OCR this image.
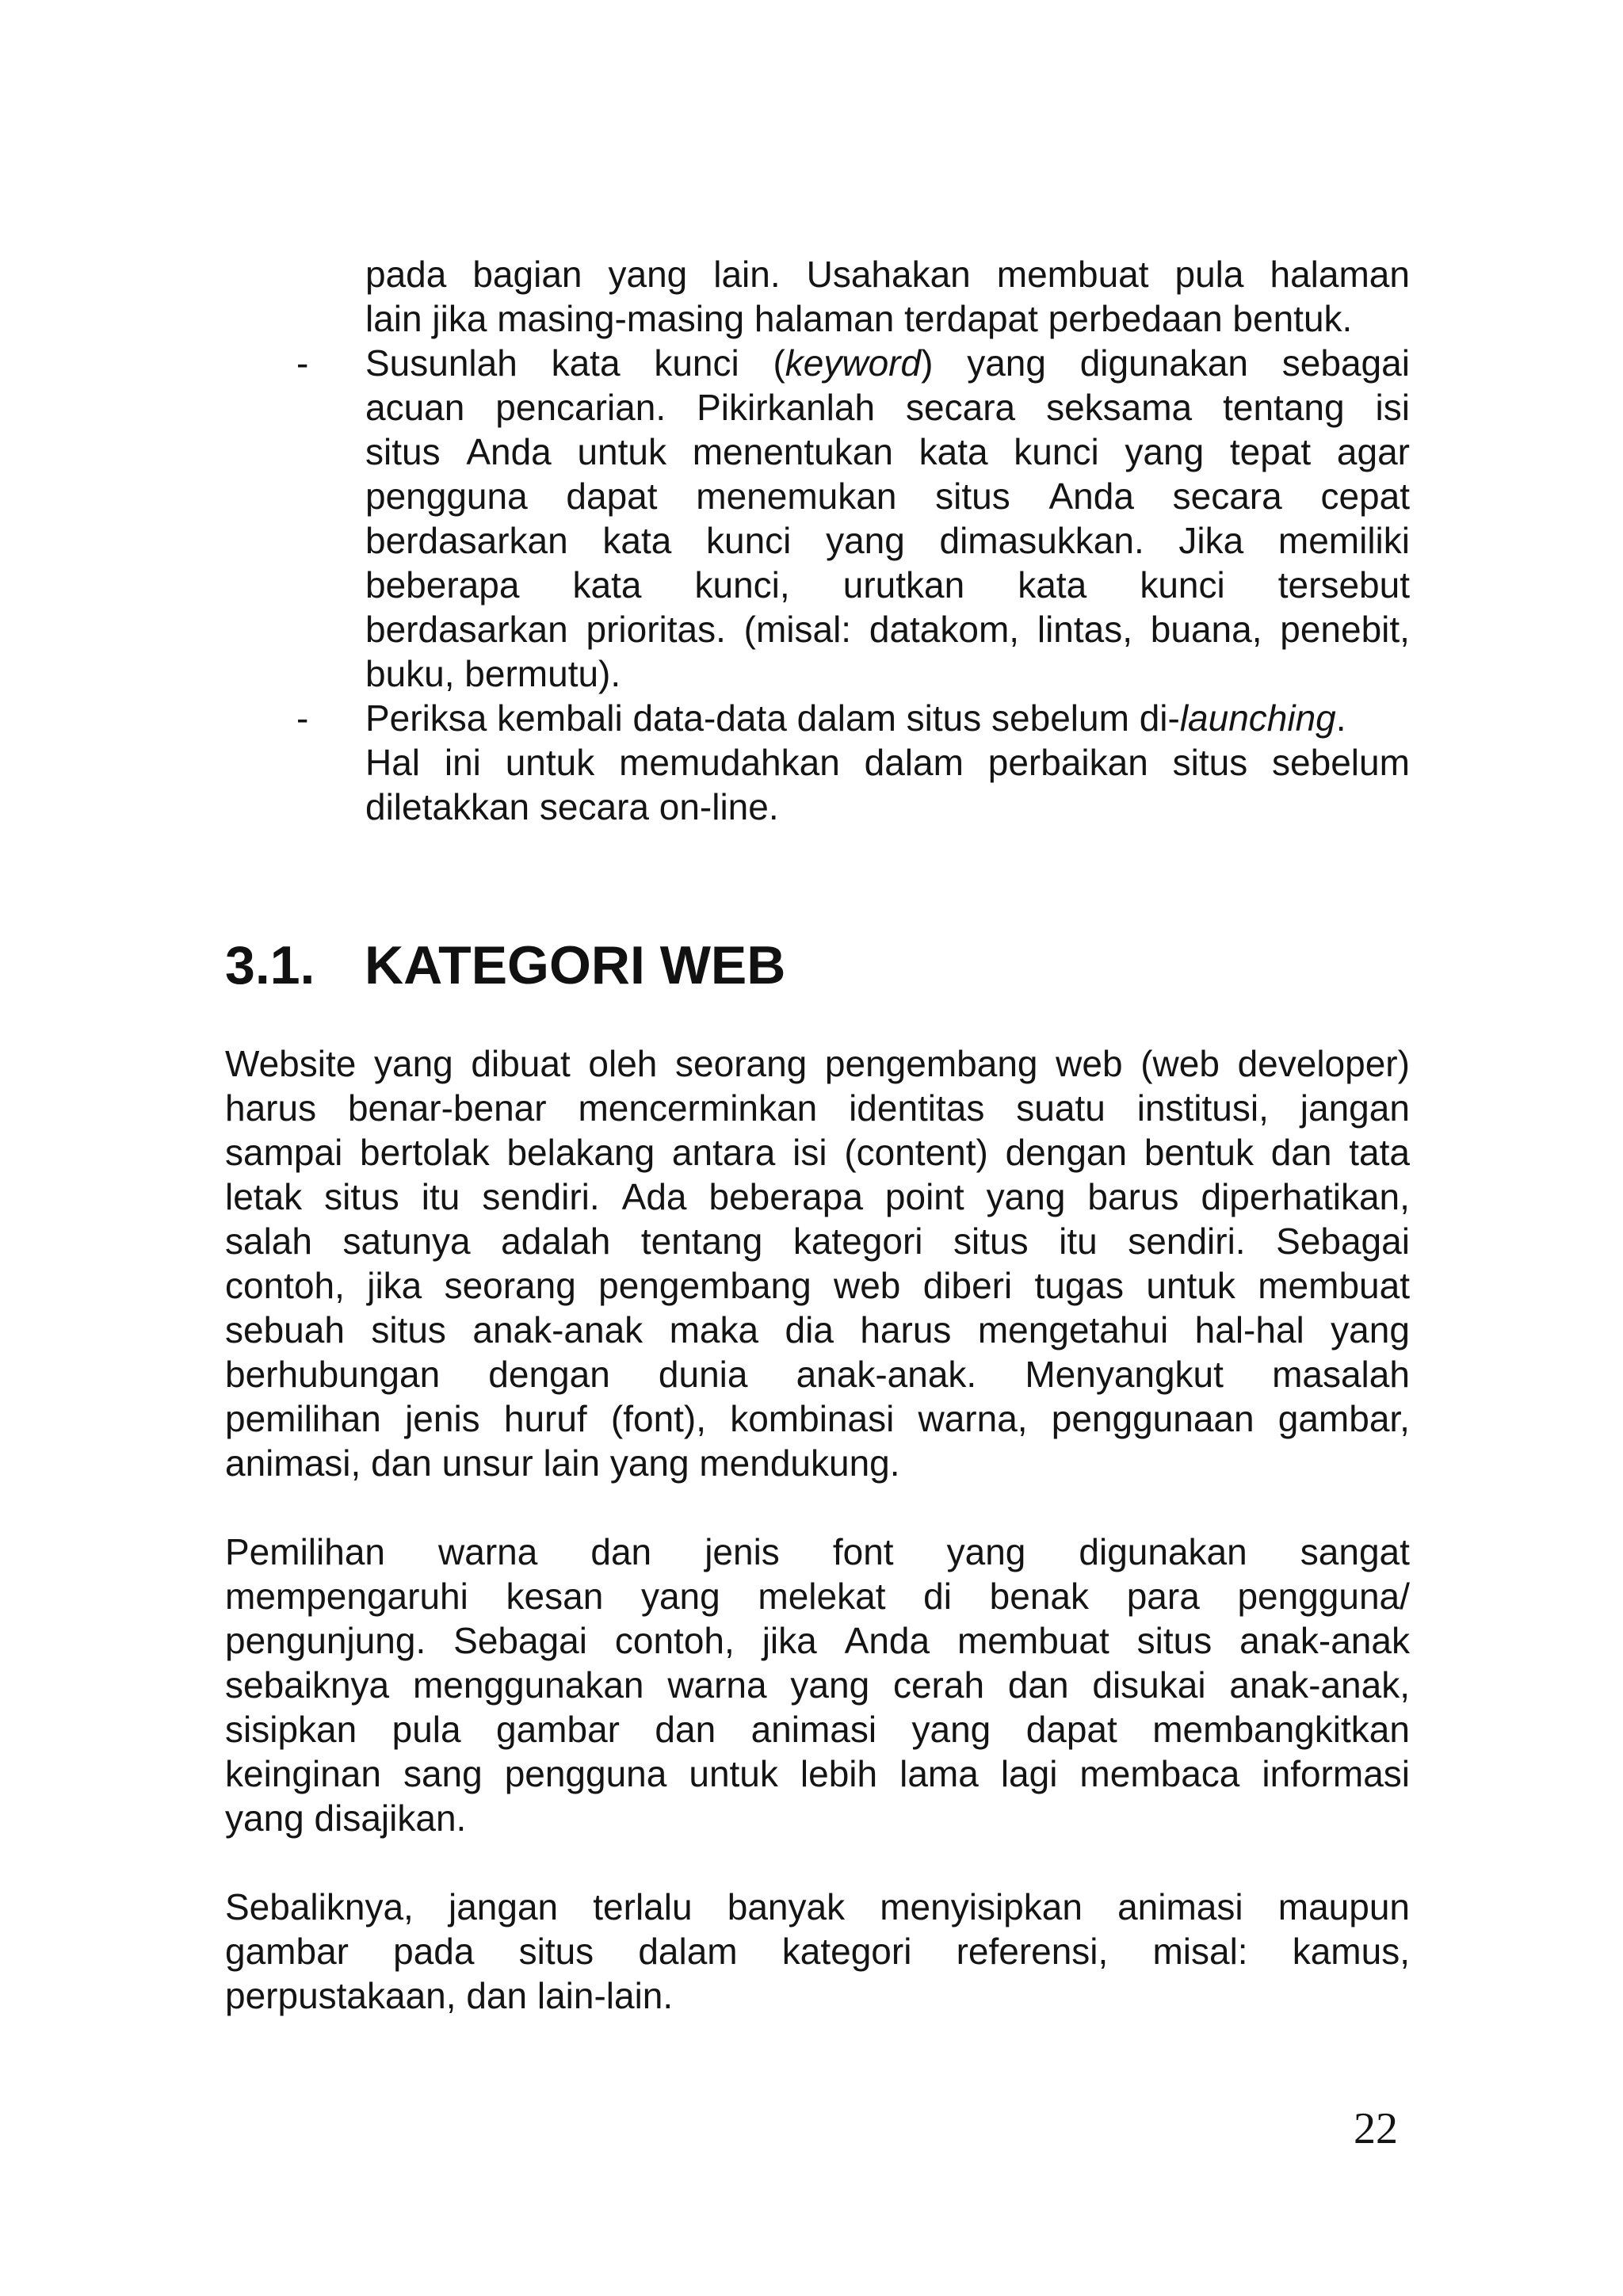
pada bagian yang lain. Usahakan membuat pula halaman
lain jika masing-masing halaman terdapat perbedaan bentuk.
- Susunlah kata kunci (keyword) yang digunakan sebagai
acuan pencarian. Pikirkanlah secara seksama tentang isi
situs Anda untuk menentukan kata kunci yang tepat agar
pengguna dapat menemukan situs Anda secara cepat
berdasarkan kata kunci yang dimasukkan. Jika memiliki
beberapa kata kunci, urutkan kata kunci tersebut
berdasarkan prioritas. (misal: datakom, lintas, buana, penebit,
buku, bermutu).
- Periksa kembali data-data dalam situs sebelum di-launching.
Hal ini untuk memudahkan dalam perbaikan situs sebelum
diletakkan secara on-line.
3.1. KATEGORI WEB
Website yang dibuat oleh seorang pengembang web (web developer)
harus benar-benar mencerminkan identitas suatu institusi, jangan
sampai bertolak belakang antara isi (content) dengan bentuk dan tata
letak situs itu sendiri. Ada beberapa point yang barus diperhatikan,
salah satunya adalah tentang kategori situs itu sendiri. Sebagai
contoh, jika seorang pengembang web diberi tugas untuk membuat
sebuah situs anak-anak maka dia harus mengetahui hal-hal yang
berhubungan dengan dunia anak-anak. Menyangkut masalah
pemilihan jenis huruf (font), kombinasi warna, penggunaan gambar,
animasi, dan unsur lain yang mendukung.
Pemilihan warna dan jenis font yang digunakan sangat
mempengaruhi kesan yang melekat di benak para pengguna/
pengunjung. Sebagai contoh, jika Anda membuat situs anak-anak
sebaiknya menggunakan warna yang cerah dan disukai anak-anak,
sisipkan pula gambar dan animasi yang dapat membangkitkan
keinginan sang pengguna untuk lebih lama lagi membaca informasi
yang disajikan.
Sebaliknya, jangan terlalu banyak menyisipkan animasi maupun
gambar pada situs dalam kategori referensi, misal: kamus,
perpustakaan, dan lain-lain.
22
